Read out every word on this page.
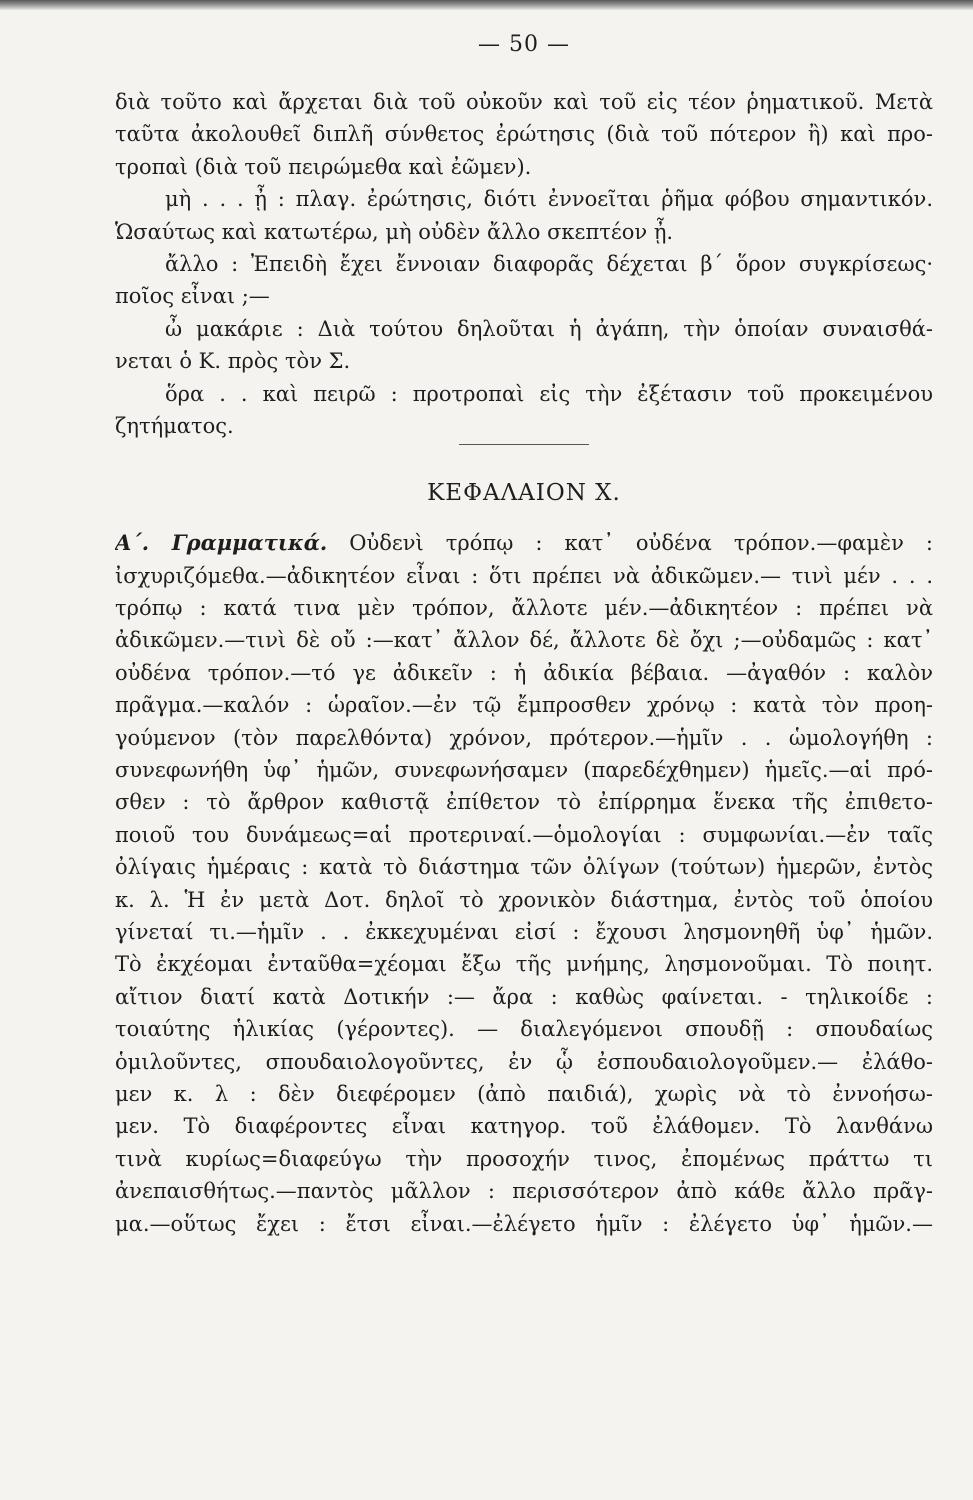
— 50 —
διὰ τοῦτο καὶ ἄρχεται διὰ τοῦ οὐκοῦν καὶ τοῦ εἰς τέον ῥηματικοῦ. Μετὰ
ταῦτα ἀκολουθεῖ διπλῆ σύνθετος ἐρώτησις (διὰ τοῦ πότερον ἢ) καὶ προ-
τροπαὶ (διὰ τοῦ πειρώμεθα καὶ ἐῶμεν).
μὴ . . . ᾖ : πλαγ. ἐρώτησις, διότι ἐννοεῖται ῥῆμα φόβου σημαντικόν.
Ὡσαύτως καὶ κατωτέρω, μὴ οὐδὲν ἄλλο σκεπτέον ᾖ.
ἄλλο : Ἐπειδὴ ἔχει ἔννοιαν διαφορᾶς δέχεται β´ ὅρον συγκρίσεως·
ποῖος εἶναι ;—
ὦ μακάριε : Διὰ τούτου δηλοῦται ἡ ἀγάπη, τὴν ὁποίαν συναισθά-
νεται ὁ Κ. πρὸς τὸν Σ.
ὅρα . . καὶ πειρῶ : προτροπαὶ εἰς τὴν ἐξέτασιν τοῦ προκειμένου
ζητήματος.
ΚΕΦΑΛΑΙΟΝ Χ.
Α΄. Γραμματικά. Οὐδενὶ τρόπῳ : κατ᾿ οὐδένα τρόπον.—φαμὲν :
ἰσχυριζόμεθα.—ἀδικητέον εἶναι : ὅτι πρέπει νὰ ἀδικῶμεν.— τινὶ μέν . . .
τρόπῳ : κατά τινα μὲν τρόπον, ἄλλοτε μέν.—ἀδικητέον : πρέπει νὰ
ἀδικῶμεν.—τινὶ δὲ οὔ :—κατ᾿ ἄλλον δέ, ἄλλοτε δὲ ὄχι ;—οὐδαμῶς : κατ᾿
οὐδένα τρόπον.—τό γε ἀδικεῖν : ἡ ἀδικία βέβαια. —ἀγαθόν : καλὸν
πρᾶγμα.—καλόν : ὡραῖον.—ἐν τῷ ἔμπροσθεν χρόνῳ : κατὰ τὸν προη-
γούμενον (τὸν παρελθόντα) χρόνον, πρότερον.—ἡμῖν . . ὡμολογήθη :
συνεφωνήθη ὑφ᾿ ἡμῶν, συνεφωνήσαμεν (παρεδέχθημεν) ἡμεῖς.—αἱ πρό-
σθεν : τὸ ἄρθρον καθιστᾷ ἐπίθετον τὸ ἐπίρρημα ἕνεκα τῆς ἐπιθετο-
ποιοῦ του δυνάμεως=αἱ προτεριναί.—ὁμολογίαι : συμφωνίαι.—ἐν ταῖς
ὀλίγαις ἡμέραις : κατὰ τὸ διάστημα τῶν ὀλίγων (τούτων) ἡμερῶν, ἐντὸς
κ. λ. Ἡ ἐν μετὰ Δοτ. δηλοῖ τὸ χρονικὸν διάστημα, ἐντὸς τοῦ ὁποίου
γίνεταί τι.—ἡμῖν . . ἐκκεχυμέναι εἰσί : ἔχουσι λησμονηθῆ ὑφ᾿ ἡμῶν.
Τὸ ἐκχέομαι ἐνταῦθα=χέομαι ἔξω τῆς μνήμης, λησμονοῦμαι. Τὸ ποιητ.
αἴτιον διατί κατὰ Δοτικήν :— ἄρα : καθὼς φαίνεται. - τηλικοίδε :
τοιαύτης ἡλικίας (γέροντες). — διαλεγόμενοι σπουδῇ : σπουδαίως
ὁμιλοῦντες, σπουδαιολογοῦντες, ἐν ᾧ ἐσπουδαιολογοῦμεν.— ἐλάθο-
μεν κ. λ : δὲν διεφέρομεν (ἀπὸ παιδιά), χωρὶς νὰ τὸ ἐννοήσω-
μεν. Τὸ διαφέροντες εἶναι κατηγορ. τοῦ ἐλάθομεν. Τὸ λανθάνω
τινὰ κυρίως=διαφεύγω τὴν προσοχήν τινος, ἐπομένως πράττω τι
ἀνεπαισθήτως.—παντὸς μᾶλλον : περισσότερον ἀπὸ κάθε ἄλλο πρᾶγ-
μα.—οὕτως ἔχει : ἔτσι εἶναι.—ἐλέγετο ἡμῖν : ἐλέγετο ὑφ᾿ ἡμῶν.—
